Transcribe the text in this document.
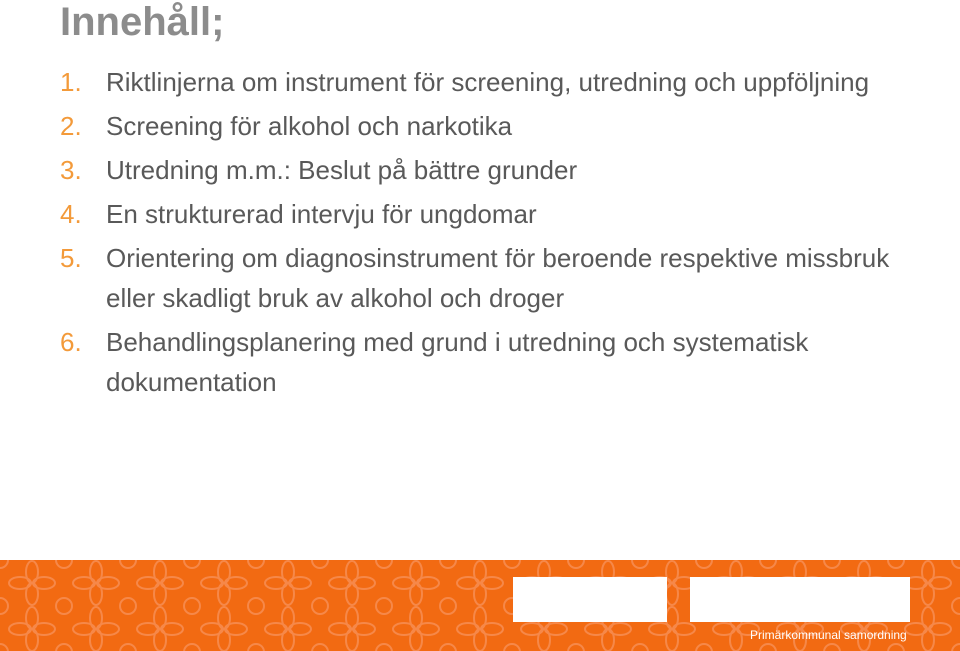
Innehåll;
1. Riktlinjerna om instrument för screening, utredning och uppföljning
2. Screening för alkohol och narkotika
3. Utredning m.m.: Beslut på bättre grunder
4. En strukturerad intervju för ungdomar
5. Orientering om diagnosinstrument för beroende respektive missbruk eller skadligt bruk av alkohol och droger
6. Behandlingsplanering med grund i utredning och systematisk dokumentation
Primärkommunal samordning
